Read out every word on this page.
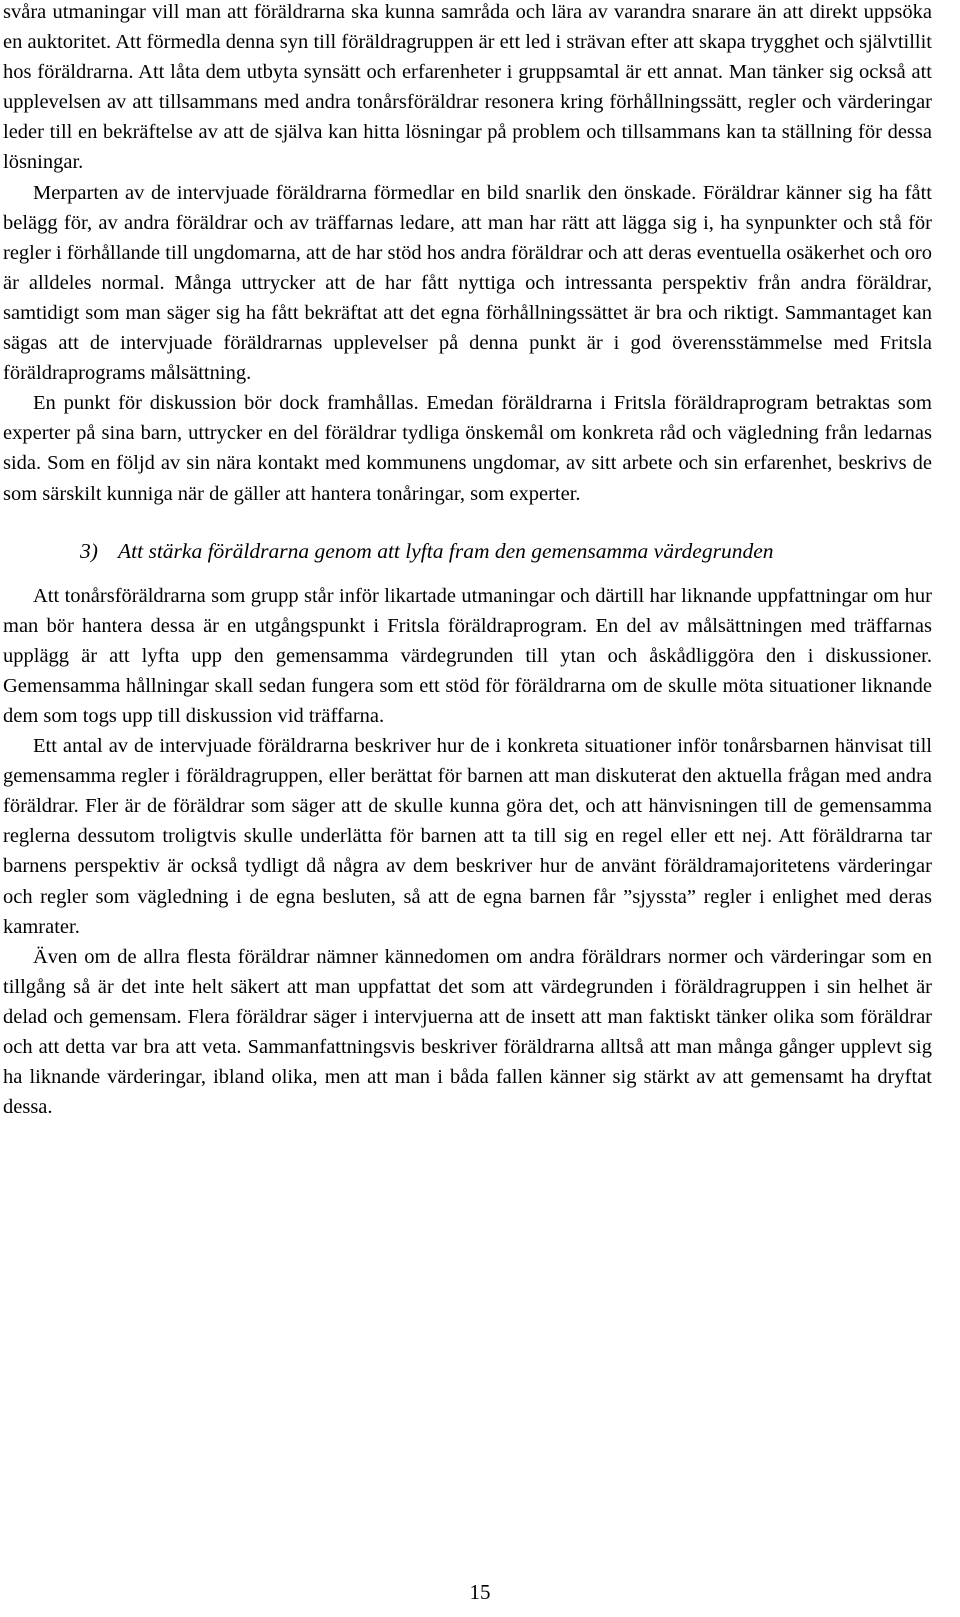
svåra utmaningar vill man att föräldrarna ska kunna samråda och lära av varandra snarare än att direkt uppsöka en auktoritet. Att förmedla denna syn till föräldragruppen är ett led i strävan efter att skapa trygghet och självtillit hos föräldrarna. Att låta dem utbyta synsätt och erfarenheter i gruppsamtal är ett annat. Man tänker sig också att upplevelsen av att tillsammans med andra tonårsföräldrar resonera kring förhållningssätt, regler och värderingar leder till en bekräftelse av att de själva kan hitta lösningar på problem och tillsammans kan ta ställning för dessa lösningar.

Merparten av de intervjuade föräldrarna förmedlar en bild snarlik den önskade. Föräldrar känner sig ha fått belägg för, av andra föräldrar och av träffarnas ledare, att man har rätt att lägga sig i, ha synpunkter och stå för regler i förhållande till ungdomarna, att de har stöd hos andra föräldrar och att deras eventuella osäkerhet och oro är alldeles normal. Många uttrycker att de har fått nyttiga och intressanta perspektiv från andra föräldrar, samtidigt som man säger sig ha fått bekräftat att det egna förhållningssättet är bra och riktigt. Sammantaget kan sägas att de intervjuade föräldrarnas upplevelser på denna punkt är i god överensstämmelse med Fritsla föräldraprograms målsättning.

En punkt för diskussion bör dock framhållas. Emedan föräldrarna i Fritsla föräldraprogram betraktas som experter på sina barn, uttrycker en del föräldrar tydliga önskemål om konkreta råd och vägledning från ledarnas sida. Som en följd av sin nära kontakt med kommunens ungdomar, av sitt arbete och sin erfarenhet, beskrivs de som särskilt kunniga när de gäller att hantera tonåringar, som experter.

3) Att stärka föräldrarna genom att lyfta fram den gemensamma värdegrunden

Att tonårsföräldrarna som grupp står inför likartade utmaningar och därtill har liknande uppfattningar om hur man bör hantera dessa är en utgångspunkt i Fritsla föräldraprogram. En del av målsättningen med träffarnas upplägg är att lyfta upp den gemensamma värdegrunden till ytan och åskådliggöra den i diskussioner. Gemensamma hållningar skall sedan fungera som ett stöd för föräldrarna om de skulle möta situationer liknande dem som togs upp till diskussion vid träffarna.

Ett antal av de intervjuade föräldrarna beskriver hur de i konkreta situationer inför tonårsbarnen hänvisat till gemensamma regler i föräldragruppen, eller berättat för barnen att man diskuterat den aktuella frågan med andra föräldrar. Fler är de föräldrar som säger att de skulle kunna göra det, och att hänvisningen till de gemensamma reglerna dessutom troligtvis skulle underlätta för barnen att ta till sig en regel eller ett nej. Att föräldrarna tar barnens perspektiv är också tydligt då några av dem beskriver hur de använt föräldramajoritetens värderingar och regler som vägledning i de egna besluten, så att de egna barnen får ”sjyssta” regler i enlighet med deras kamrater.

Även om de allra flesta föräldrar nämner kännedomen om andra föräldrars normer och värderingar som en tillgång så är det inte helt säkert att man uppfattat det som att värdegrunden i föräldragruppen i sin helhet är delad och gemensam. Flera föräldrar säger i intervjuerna att de insett att man faktiskt tänker olika som föräldrar och att detta var bra att veta. Sammanfattningsvis beskriver föräldrarna alltså att man många gånger upplevt sig ha liknande värderingar, ibland olika, men att man i båda fallen känner sig stärkt av att gemensamt ha dryftat dessa.

15
